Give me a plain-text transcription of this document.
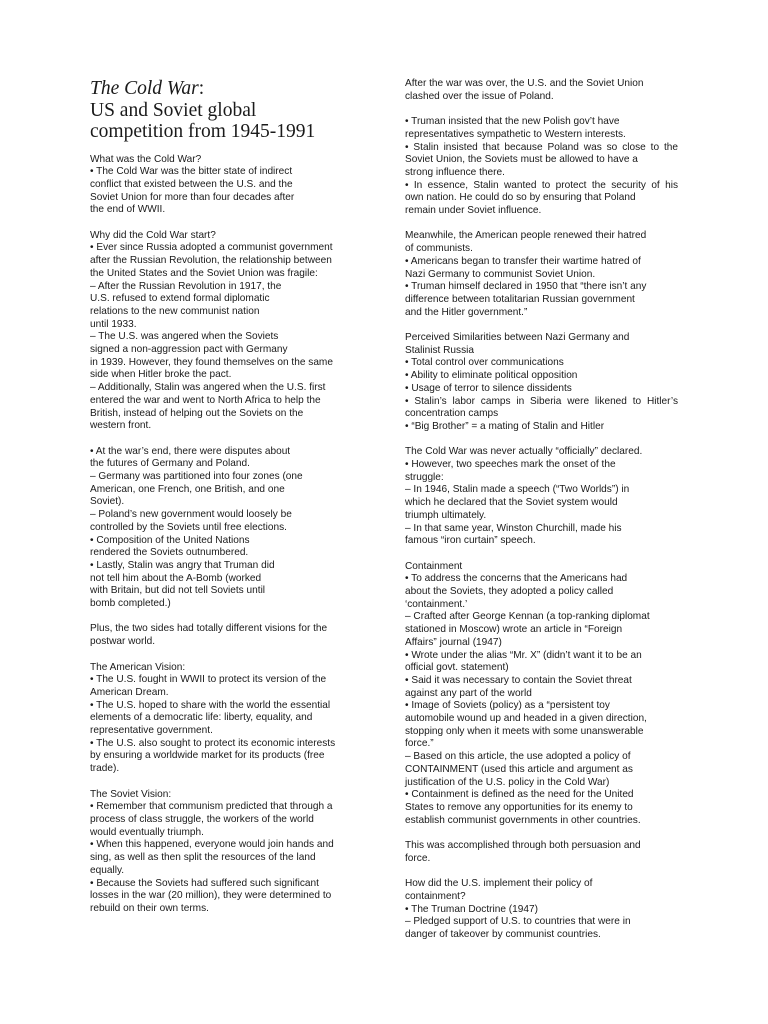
The Cold War:
US and Soviet global
competition from 1945-1991
What was the Cold War?
• The Cold War was the bitter state of indirect
conflict that existed between the U.S. and the
Soviet Union for more than four decades after
the end of WWII.
Why did the Cold War start?
• Ever since Russia adopted a communist government
after the Russian Revolution, the relationship between
the United States and the Soviet Union was fragile:
– After the Russian Revolution in 1917, the
U.S. refused to extend formal diplomatic
relations to the new communist nation
until 1933.
– The U.S. was angered when the Soviets
signed a non-aggression pact with Germany
in 1939. However, they found themselves on the same
side when Hitler broke the pact.
– Additionally, Stalin was angered when the U.S. first
entered the war and went to North Africa to help the
British, instead of helping out the Soviets on the
western front.
• At the war’s end, there were disputes about
the futures of Germany and Poland.
– Germany was partitioned into four zones (one
American, one French, one British, and one
Soviet).
– Poland’s new government would loosely be
controlled by the Soviets until free elections.
• Composition of the United Nations
rendered the Soviets outnumbered.
• Lastly, Stalin was angry that Truman did
not tell him about the A-Bomb (worked
with Britain, but did not tell Soviets until
bomb completed.)
Plus, the two sides had totally different visions for the
postwar world.
The American Vision:
• The U.S. fought in WWII to protect its version of the
American Dream.
• The U.S. hoped to share with the world the essential
elements of a democratic life: liberty, equality, and
representative government.
• The U.S. also sought to protect its economic interests
by ensuring a worldwide market for its products (free
trade).
The Soviet Vision:
• Remember that communism predicted that through a
process of class struggle, the workers of the world
would eventually triumph.
• When this happened, everyone would join hands and
sing, as well as then split the resources of the land
equally.
• Because the Soviets had suffered such significant
losses in the war (20 million), they were determined to
rebuild on their own terms.
After the war was over, the U.S. and the Soviet Union
clashed over the issue of Poland.
• Truman insisted that the new Polish gov’t have
representatives sympathetic to Western interests.
• Stalin insisted that because Poland was so close to the
Soviet Union, the Soviets must be allowed to have a
strong influence there.
• In essence, Stalin wanted to protect the security of his
own nation. He could do so by ensuring that Poland
remain under Soviet influence.
Meanwhile, the American people renewed their hatred
of communists.
• Americans began to transfer their wartime hatred of
Nazi Germany to communist Soviet Union.
• Truman himself declared in 1950 that “there isn’t any
difference between totalitarian Russian government
and the Hitler government.”
Perceived Similarities between Nazi Germany and
Stalinist Russia
• Total control over communications
• Ability to eliminate political opposition
• Usage of terror to silence dissidents
• Stalin’s labor camps in Siberia were likened to Hitler’s
concentration camps
• “Big Brother” = a mating of Stalin and Hitler
The Cold War was never actually “officially” declared.
• However, two speeches mark the onset of the
struggle:
– In 1946, Stalin made a speech (“Two Worlds”) in
which he declared that the Soviet system would
triumph ultimately.
– In that same year, Winston Churchill, made his
famous “iron curtain” speech.
Containment
• To address the concerns that the Americans had
about the Soviets, they adopted a policy called
‘containment.’
– Crafted after George Kennan (a top-ranking diplomat
stationed in Moscow) wrote an article in “Foreign
Affairs” journal (1947)
• Wrote under the alias “Mr. X” (didn’t want it to be an
official govt. statement)
• Said it was necessary to contain the Soviet threat
against any part of the world
• Image of Soviets (policy) as a “persistent toy
automobile wound up and headed in a given direction,
stopping only when it meets with some unanswerable
force.”
– Based on this article, the use adopted a policy of
CONTAINMENT (used this article and argument as
justification of the U.S. policy in the Cold War)
• Containment is defined as the need for the United
States to remove any opportunities for its enemy to
establish communist governments in other countries.
This was accomplished through both persuasion and
force.
How did the U.S. implement their policy of
containment?
• The Truman Doctrine (1947)
– Pledged support of U.S. to countries that were in
danger of takeover by communist countries.
